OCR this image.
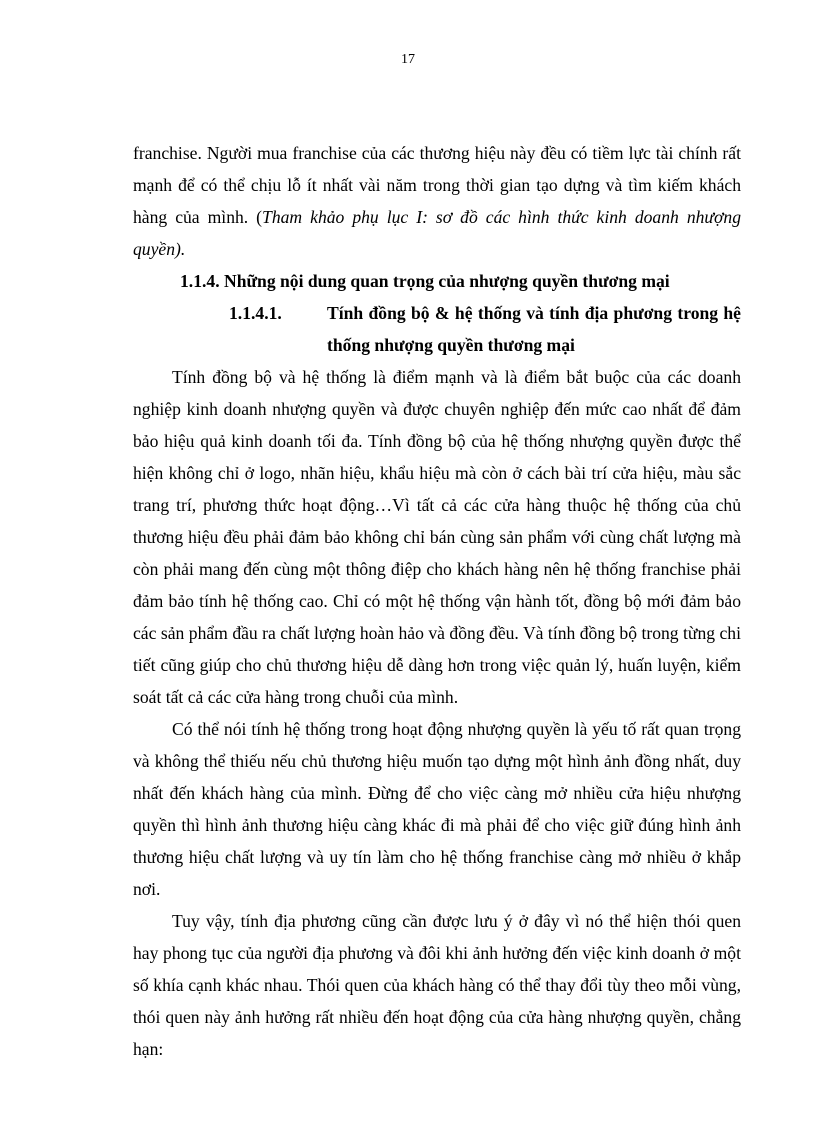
17

franchise. Người mua franchise của các thương hiệu này đều có tiềm lực tài chính rất mạnh để có thể chịu lỗ ít nhất vài năm trong thời gian tạo dựng và tìm kiếm khách hàng của mình. (Tham khảo phụ lục I: sơ đồ các hình thức kinh doanh nhượng quyền).

1.1.4. Những nội dung quan trọng của nhượng quyền thương mại
1.1.4.1.	Tính đồng bộ & hệ thống và tính địa phương trong hệ thống nhượng quyền thương mại

Tính đồng bộ và hệ thống là điểm mạnh và là điểm bắt buộc của các doanh nghiệp kinh doanh nhượng quyền và được chuyên nghiệp đến mức cao nhất để đảm bảo hiệu quả kinh doanh tối đa. Tính đồng bộ của hệ thống nhượng quyền được thể hiện không chỉ ở logo, nhãn hiệu, khẩu hiệu mà còn ở cách bài trí cửa hiệu, màu sắc trang trí, phương thức hoạt động…Vì tất cả các cửa hàng thuộc hệ thống của chủ thương hiệu đều phải đảm bảo không chỉ bán cùng sản phẩm với cùng chất lượng mà còn phải mang đến cùng một thông điệp cho khách hàng nên hệ thống franchise phải đảm bảo tính hệ thống cao. Chỉ có một hệ thống vận hành tốt, đồng bộ mới đảm bảo các sản phẩm đầu ra chất lượng hoàn hảo và đồng đều. Và tính đồng bộ trong từng chi tiết cũng giúp cho chủ thương hiệu dễ dàng hơn trong việc quản lý, huấn luyện, kiểm soát tất cả các cửa hàng trong chuỗi của mình.

Có thể nói tính hệ thống trong hoạt động nhượng quyền là yếu tố rất quan trọng và không thể thiếu nếu chủ thương hiệu muốn tạo dựng một hình ảnh đồng nhất, duy nhất đến khách hàng của mình. Đừng để cho việc càng mở nhiều cửa hiệu nhượng quyền thì hình ảnh thương hiệu càng khác đi mà phải để cho việc giữ đúng hình ảnh thương hiệu chất lượng và uy tín làm cho hệ thống franchise càng mở nhiều ở khắp nơi.

Tuy vậy, tính địa phương cũng cần được lưu ý ở đây vì nó thể hiện thói quen hay phong tục của người địa phương và đôi khi ảnh hưởng đến việc kinh doanh ở một số khía cạnh khác nhau. Thói quen của khách hàng có thể thay đổi tùy theo mỗi vùng, thói quen này ảnh hưởng rất nhiều đến hoạt động của cửa hàng nhượng quyền, chẳng hạn:
